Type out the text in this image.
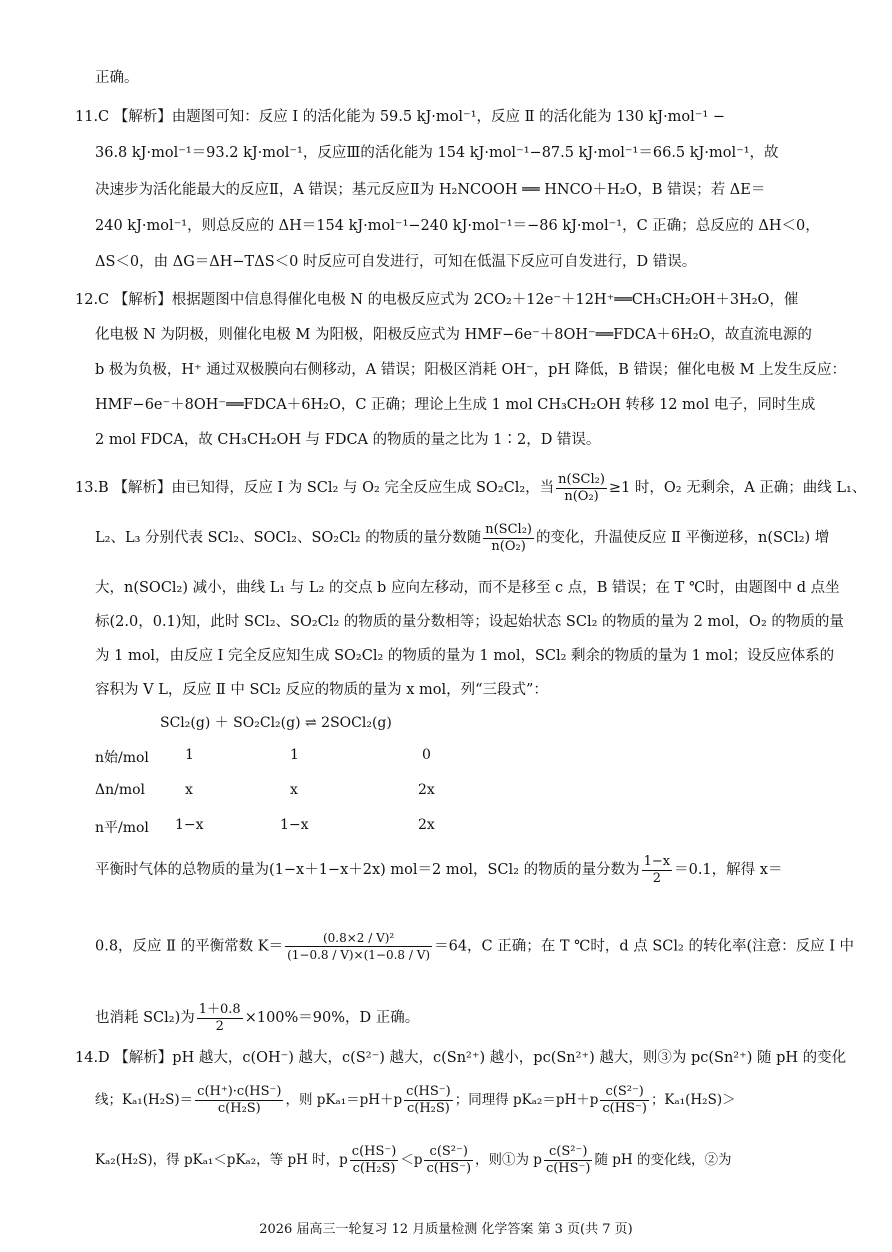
正确。
11.C 【解析】由题图可知：反应 Ⅰ 的活化能为 59.5 kJ·mol⁻¹，反应 Ⅱ 的活化能为 130 kJ·mol⁻¹ −
36.8 kJ·mol⁻¹＝93.2 kJ·mol⁻¹，反应Ⅲ的活化能为 154 kJ·mol⁻¹−87.5 kJ·mol⁻¹＝66.5 kJ·mol⁻¹，故
决速步为活化能最大的反应Ⅱ，A 错误；基元反应Ⅱ为 H₂NCOOH ══ HNCO＋H₂O，B 错误；若 ΔE＝
240 kJ·mol⁻¹，则总反应的 ΔH＝154 kJ·mol⁻¹−240 kJ·mol⁻¹＝−86 kJ·mol⁻¹，C 正确；总反应的 ΔH＜0，
ΔS＜0，由 ΔG＝ΔH−TΔS＜0 时反应可自发进行，可知在低温下反应可自发进行，D 错误。
12.C 【解析】根据题图中信息得催化电极 N 的电极反应式为 2CO₂＋12e⁻＋12H⁺══CH₃CH₂OH＋3H₂O，催
化电极 N 为阴极，则催化电极 M 为阳极，阳极反应式为 HMF−6e⁻＋8OH⁻══FDCA＋6H₂O，故直流电源的
b 极为负极，H⁺ 通过双极膜向右侧移动，A 错误；阳极区消耗 OH⁻，pH 降低，B 错误；催化电极 M 上发生反应：
HMF−6e⁻＋8OH⁻══FDCA＋6H₂O，C 正确；理论上生成 1 mol CH₃CH₂OH 转移 12 mol 电子，同时生成
2 mol FDCA，故 CH₃CH₂OH 与 FDCA 的物质的量之比为 1∶2，D 错误。
13.B 【解析】由已知得，反应 Ⅰ 为 SCl₂ 与 O₂ 完全反应生成 SO₂Cl₂，当 $\frac{\text{n(SCl₂)}}{\text{n(O₂)}} \ge 1$ 时，O₂ 无剩余，A 正确；曲线 L₁、
L₂、L₃ 分别代表 SCl₂、SOCl₂、SO₂Cl₂ 的物质的量分数随 $\frac{\text{n(SCl₂)}}{\text{n(O₂)}}$ 的变化，升温使反应 Ⅱ 平衡逆移，n(SCl₂) 增
大，n(SOCl₂) 减小，曲线 L₁ 与 L₂ 的交点 b 应向左移动，而不是移至 c 点，B 错误；在 T ℃时，由题图中 d 点坐
标(2.0，0.1)知，此时 SCl₂、SO₂Cl₂ 的物质的量分数相等；设起始状态 SCl₂ 的物质的量为 2 mol，O₂ 的物质的量
为 1 mol，由反应 Ⅰ 完全反应知生成 SO₂Cl₂ 的物质的量为 1 mol，SCl₂ 剩余的物质的量为 1 mol；设反应体系的
容积为 V L，反应 Ⅱ 中 SCl₂ 反应的物质的量为 x mol，列“三段式”：
SCl₂(g) ＋ SO₂Cl₂(g) ⇌ 2SOCl₂(g)
n始/mol	1	1	0
Δn/mol	x	x	2x
n平/mol 1−x	1−x	2x
平衡时气体的总物质的量为(1−x＋1−x＋2x) mol＝2 mol，SCl₂ 的物质的量分数为 $\frac{1-x}{2} =0.1$，解得 x＝
0.8，反应 Ⅱ 的平衡常数 $K= \frac{\text{(0.8×2 / V)²}}{(1-0.8 / V)\times(1-0.8 / V)} =64$，C 正确；在 T ℃时，d 点 SCl₂ 的转化率(注意：反应 Ⅰ 中
也消耗 SCl₂)为 $\frac{1+0.8}{2} \times 100\%=90\%$，D 正确。
14.D 【解析】pH 越大，c(OH⁻) 越大，c(S²⁻) 越大，c(Sn²⁺) 越小，pc(Sn²⁺) 越大，则③为 pc(Sn²⁺) 随 pH 的变化
线；$K_{a1}(H_2S)= \frac{c(H^+)\cdot c(HS^-)}{\text{c(H₂S)}}$ ，则 $pK_{a1}=pH+p \frac{c(HS^-)}{\text{c(H₂S)}}$ ；同理得 $pK_{a2}=pH+p \frac{\text{c(S²⁻)}}{c(HS^-)}$ ；Kₐ₁(H₂S)＞
Kₐ₂(H₂S)，得 pKₐ₁＜pKₐ₂，等 pH 时，p $\frac{c(HS^-)}{\text{c(H₂S)}} <p \frac{\text{c(S²⁻)}}{c(HS^-)}$ ，则①为 p $\frac{\text{c(S²⁻)}}{c(HS^-)}$ 随 pH 的变化线，②为
2026 届高三一轮复习 12 月质量检测 化学答案 第 3 页(共 7 页)
